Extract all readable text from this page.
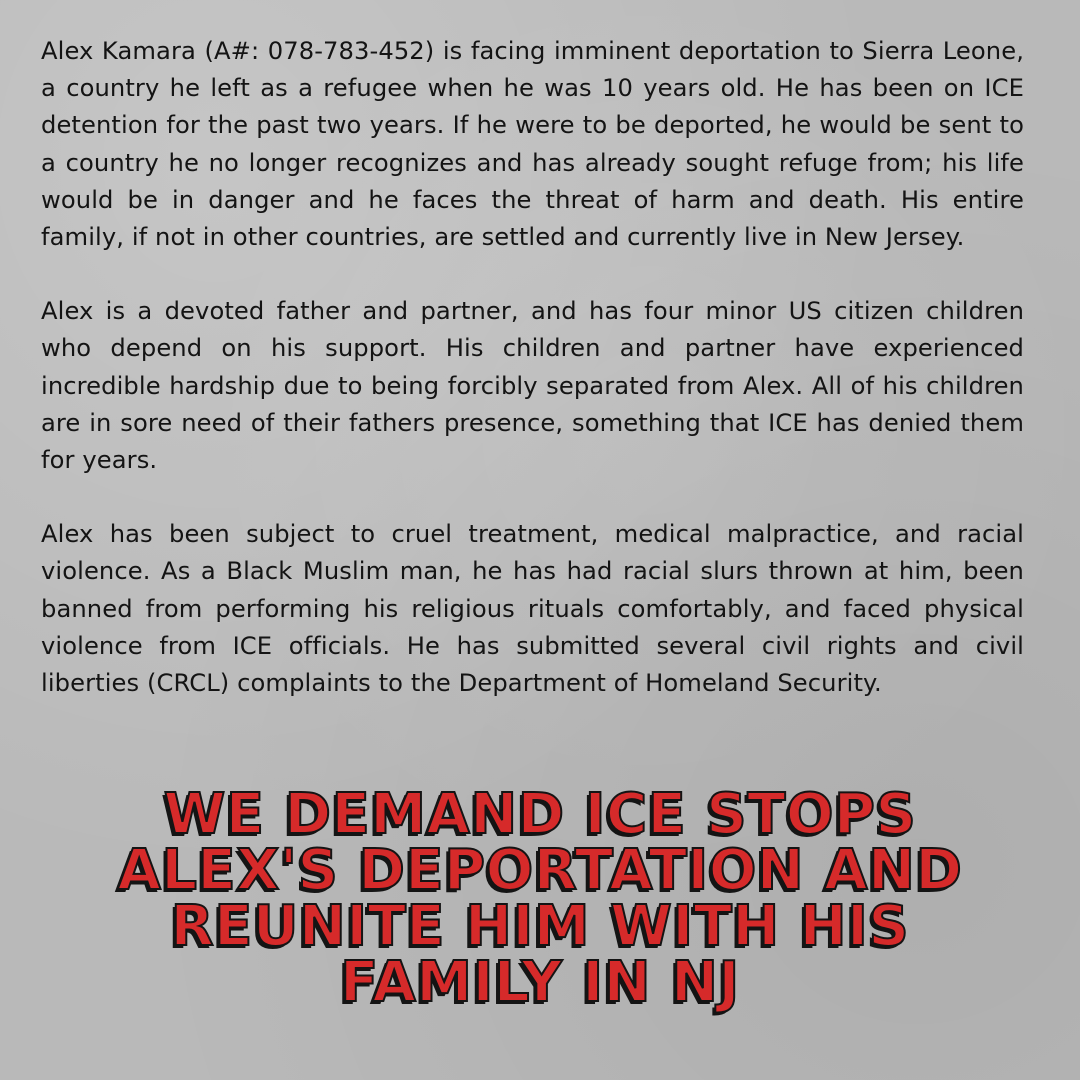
Alex Kamara (A#: 078-783-452) is facing imminent deportation to Sierra Leone, a country he left as a refugee when he was 10 years old. He has been on ICE detention for the past two years. If he were to be deported, he would be sent to a country he no longer recognizes and has already sought refuge from; his life would be in danger and he faces the threat of harm and death. His entire family, if not in other countries, are settled and currently live in New Jersey.

Alex is a devoted father and partner, and has four minor US citizen children who depend on his support. His children and partner have experienced incredible hardship due to being forcibly separated from Alex. All of his children are in sore need of their fathers presence, something that ICE has denied them for years.

Alex has been subject to cruel treatment, medical malpractice, and racial violence. As a Black Muslim man, he has had racial slurs thrown at him, been banned from performing his religious rituals comfortably, and faced physical violence from ICE officials. He has submitted several civil rights and civil liberties (CRCL) complaints to the Department of Homeland Security.

WE DEMAND ICE STOPS
ALEX'S DEPORTATION AND
REUNITE HIM WITH HIS
FAMILY IN NJ
